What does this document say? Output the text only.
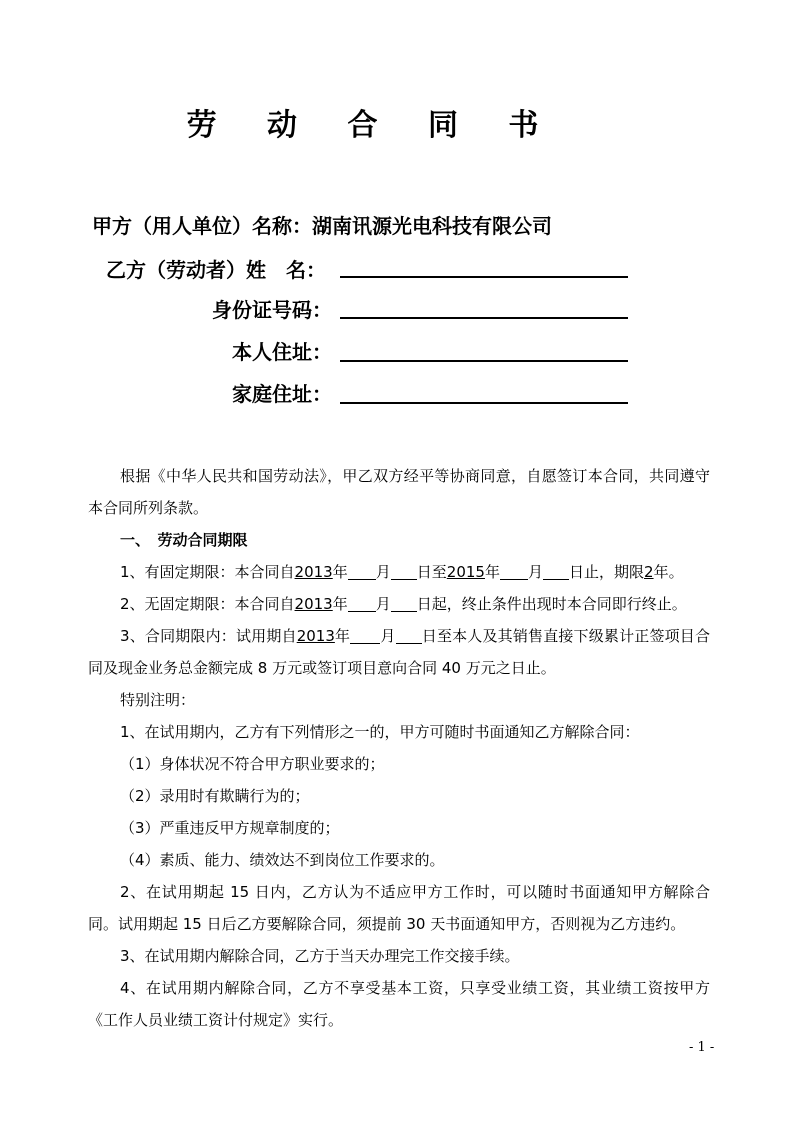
劳 动 合 同 书
甲方（用人单位）名称：湖南讯源光电科技有限公司
乙方（劳动者）姓　名：
身份证号码：
本人住址：
家庭住址：

根据《中华人民共和国劳动法》，甲乙双方经平等协商同意，自愿签订本合同，共同遵守本合同所列条款。

一、　劳动合同期限

1、有固定期限：本合同自2013年 月 日至2015年 月 日止，期限2年。

2、无固定期限：本合同自2013年 月 日起，终止条件出现时本合同即行终止。

3、合同期限内：试用期自2013年 月 日至本人及其销售直接下级累计正签项目合同及现金业务总金额完成 8 万元或签订项目意向合同 40 万元之日止。

特别注明：

1、在试用期内，乙方有下列情形之一的，甲方可随时书面通知乙方解除合同：

（1）身体状况不符合甲方职业要求的；

（2）录用时有欺瞒行为的；

（3）严重违反甲方规章制度的；

（4）素质、能力、绩效达不到岗位工作要求的。

2、在试用期起 15 日内，乙方认为不适应甲方工作时，可以随时书面通知甲方解除合同。试用期起 15 日后乙方要解除合同，须提前 30 天书面通知甲方，否则视为乙方违约。

3、在试用期内解除合同，乙方于当天办理完工作交接手续。

4、在试用期内解除合同，乙方不享受基本工资，只享受业绩工资，其业绩工资按甲方《工作人员业绩工资计付规定》实行。

- 1 -
